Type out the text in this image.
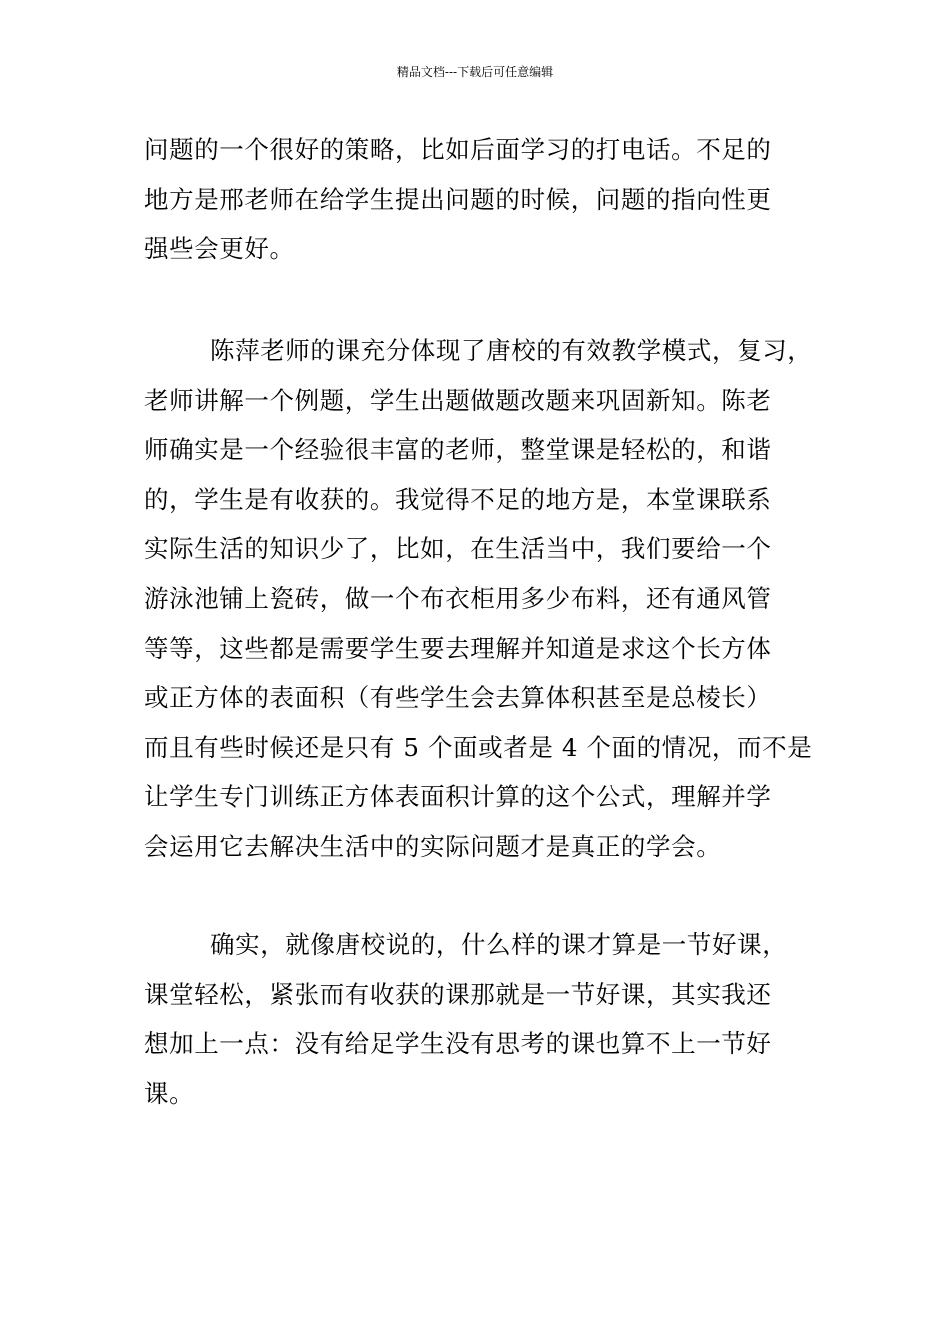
精品文档---下载后可任意编辑
问题的一个很好的策略，比如后面学习的打电话。不足的
地方是邢老师在给学生提出问题的时候，问题的指向性更
强些会更好。
陈萍老师的课充分体现了唐校的有效教学模式，复习，
老师讲解一个例题，学生出题做题改题来巩固新知。陈老
师确实是一个经验很丰富的老师，整堂课是轻松的，和谐
的，学生是有收获的。我觉得不足的地方是，本堂课联系
实际生活的知识少了，比如，在生活当中，我们要给一个
游泳池铺上瓷砖，做一个布衣柜用多少布料，还有通风管
等等，这些都是需要学生要去理解并知道是求这个长方体
或正方体的表面积（有些学生会去算体积甚至是总棱长）
而且有些时候还是只有 5 个面或者是 4 个面的情况，而不是
让学生专门训练正方体表面积计算的这个公式，理解并学
会运用它去解决生活中的实际问题才是真正的学会。
确实，就像唐校说的，什么样的课才算是一节好课，
课堂轻松，紧张而有收获的课那就是一节好课，其实我还
想加上一点：没有给足学生没有思考的课也算不上一节好
课。
